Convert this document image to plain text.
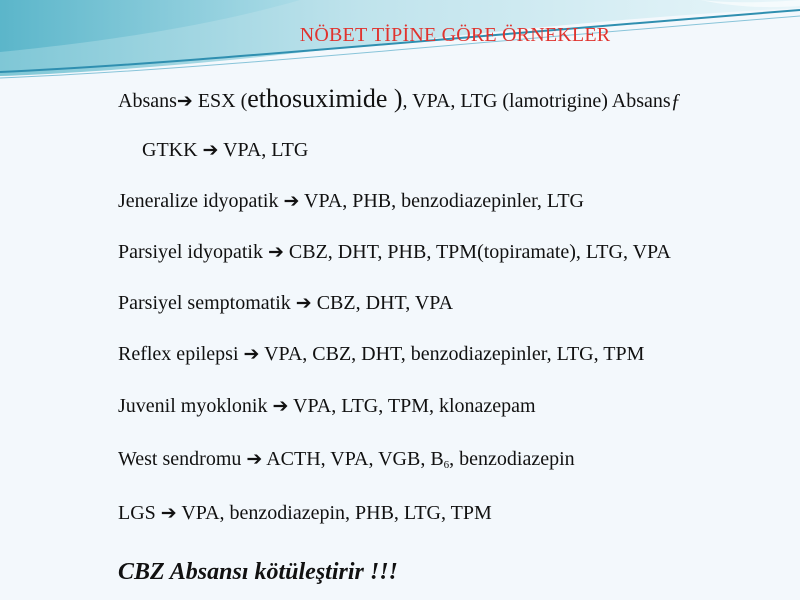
NÖBET TİPİNE GÖRE ÖRNEKLER
Absans➔ ESX (ethosuximide ), VPA, LTG (lamotrigine) Absansƒ
GTKK ➔ VPA, LTG
Jeneralize idyopatik ➔ VPA, PHB, benzodiazepinler, LTG
Parsiyel idyopatik ➔ CBZ, DHT, PHB, TPM(topiramate), LTG, VPA
Parsiyel semptomatik ➔ CBZ, DHT, VPA
Reflex epilepsi ➔ VPA, CBZ, DHT, benzodiazepinler, LTG, TPM
Juvenil myoklonik ➔ VPA, LTG, TPM, klonazepam
West sendromu ➔ ACTH, VPA, VGB, $B_6$, benzodiazepin
LGS ➔ VPA, benzodiazepin, PHB, LTG, TPM
CBZ Absansı kötüleştirir !!!
